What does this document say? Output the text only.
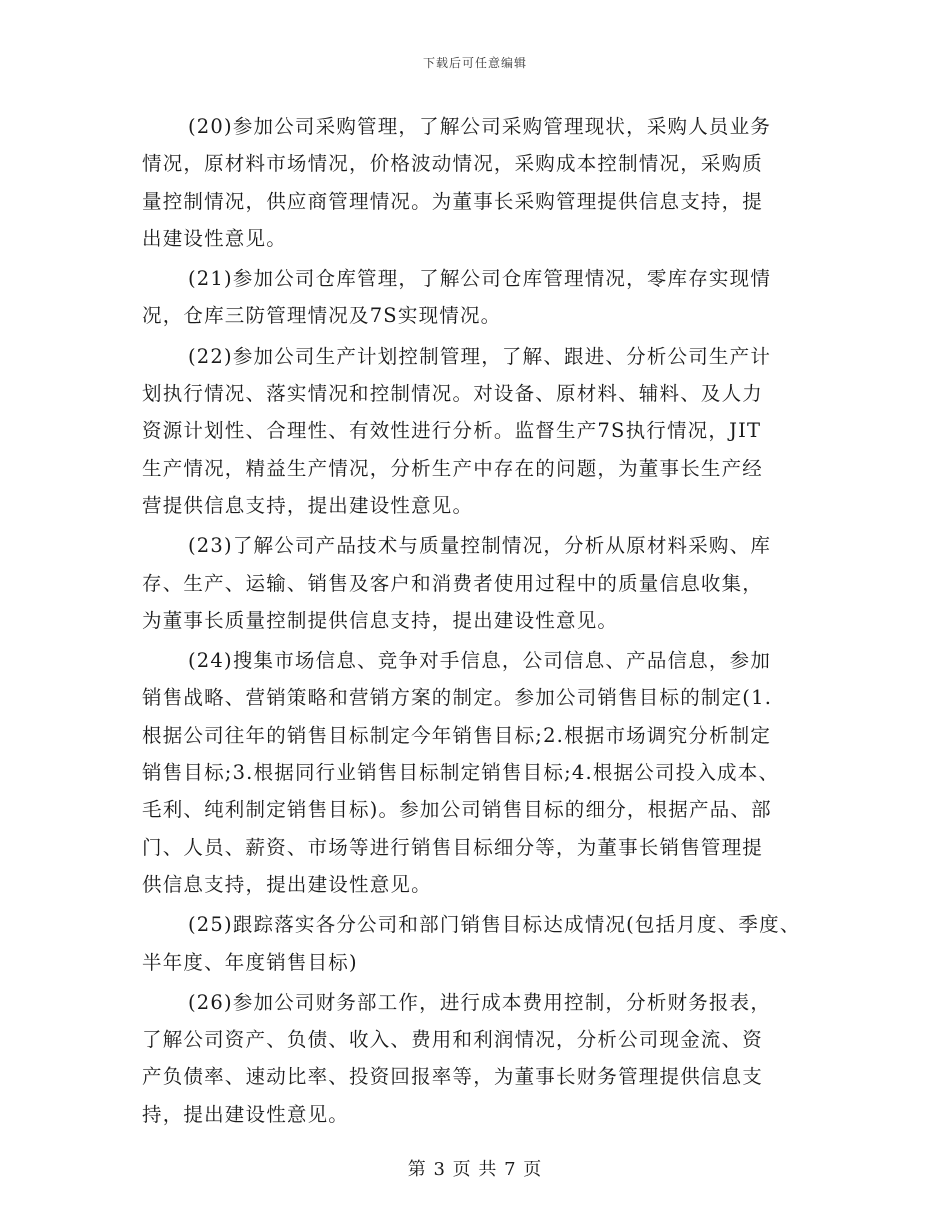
下载后可任意编辑
(20)参加公司采购管理，了解公司采购管理现状，采购人员业务
情况，原材料市场情况，价格波动情况，采购成本控制情况，采购质
量控制情况，供应商管理情况。为董事长采购管理提供信息支持，提
出建设性意见。
(21)参加公司仓库管理，了解公司仓库管理情况，零库存实现情
况，仓库三防管理情况及7S实现情况。
(22)参加公司生产计划控制管理，了解、跟进、分析公司生产计
划执行情况、落实情况和控制情况。对设备、原材料、辅料、及人力
资源计划性、合理性、有效性进行分析。监督生产7S执行情况，JIT
生产情况，精益生产情况，分析生产中存在的问题，为董事长生产经
营提供信息支持，提出建设性意见。
(23)了解公司产品技术与质量控制情况，分析从原材料采购、库
存、生产、运输、销售及客户和消费者使用过程中的质量信息收集，
为董事长质量控制提供信息支持，提出建设性意见。
(24)搜集市场信息、竞争对手信息，公司信息、产品信息，参加
销售战略、营销策略和营销方案的制定。参加公司销售目标的制定(1.
根据公司往年的销售目标制定今年销售目标;2.根据市场调究分析制定
销售目标;3.根据同行业销售目标制定销售目标;4.根据公司投入成本、
毛利、纯利制定销售目标)。参加公司销售目标的细分，根据产品、部
门、人员、薪资、市场等进行销售目标细分等，为董事长销售管理提
供信息支持，提出建设性意见。
(25)跟踪落实各分公司和部门销售目标达成情况(包括月度、季度、
半年度、年度销售目标)
(26)参加公司财务部工作，进行成本费用控制，分析财务报表，
了解公司资产、负债、收入、费用和利润情况，分析公司现金流、资
产负债率、速动比率、投资回报率等，为董事长财务管理提供信息支
持，提出建设性意见。
第 3 页 共 7 页
